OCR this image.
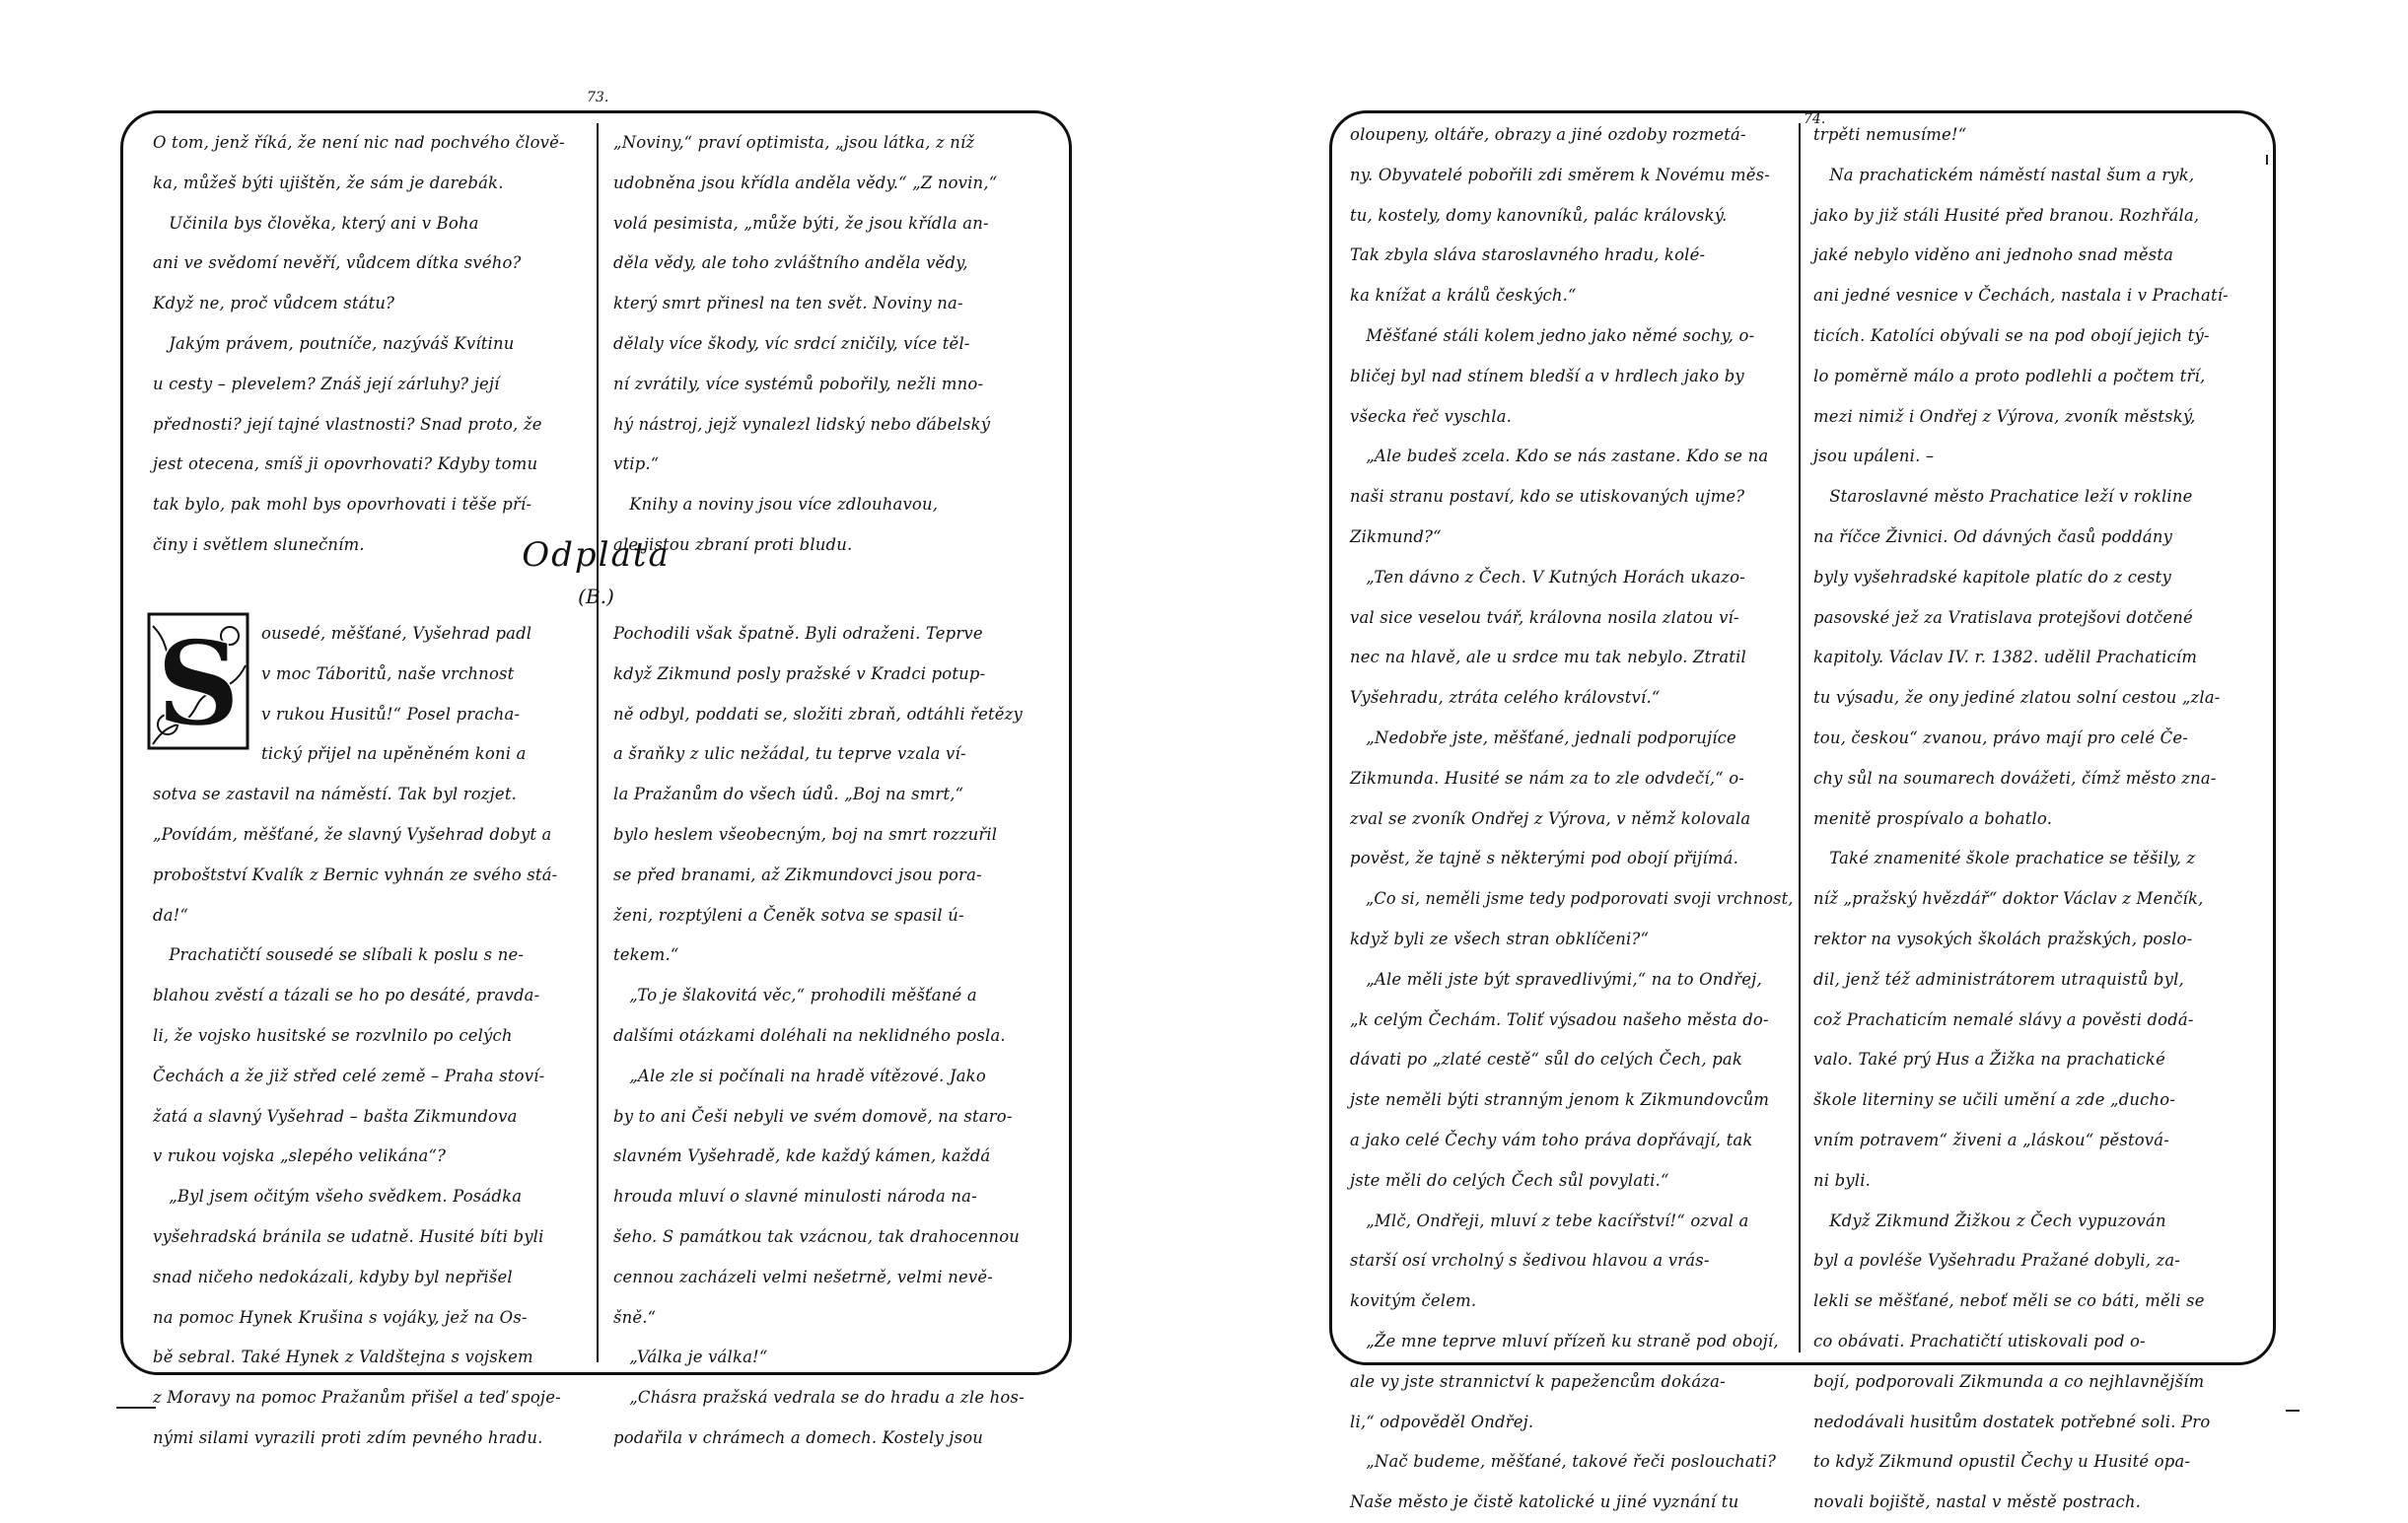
73.

O tom, jenž říká, že není nic nad pochvého člově-

ka, můžeš býti ujištěn, že sám je darebák.

Učinila bys člověka, který ani v Boha

ani ve svědomí nevěří, vůdcem dítka svého?

Když ne, proč vůdcem státu?

Jakým právem, poutníče, nazýváš Kvítinu

u cesty – plevelem? Znáš její zárluhy? její

přednosti? její tajné vlastnosti? Snad proto, že

jest otecena, smíš ji opovrhovati? Kdyby tomu

tak bylo, pak mohl bys opovrhovati i těše pří-

činy i světlem slunečním.

„Noviny,“ praví optimista, „jsou látka, z níž

udobněna jsou křídla anděla vědy.“ „Z novin,“

volá pesimista, „může býti, že jsou křídla an-

děla vědy, ale toho zvláštního anděla vědy,

který smrt přinesl na ten svět. Noviny na-

dělaly více škody, víc srdcí zničily, více těl-

ní zvrátily, více systémů pobořily, nežli mno-

hý nástroj, jejž vynalezl lidský nebo ďábelský

vtip.“

Knihy a noviny jsou více zdlouhavou,

ale jistou zbraní proti bludu.

Odplata
(B.)
S	ousedé, měšťané, Vyšehrad padl

v moc Táboritů, naše vrchnost

v rukou Husitů!“ Posel pracha-

tický přijel na upěněném koni a

sotva se zastavil na náměstí. Tak byl rozjet.

„Povídám, měšťané, že slavný Vyšehrad dobyt a

proboštství Kvalík z Bernic vyhnán ze svého stá-

da!“

Prachatičtí sousedé se slíbali k poslu s ne-

blahou zvěstí a tázali se ho po desáté, pravda-

li, že vojsko husitské se rozvlnilo po celých

Čechách a že již střed celé země – Praha stoví-

žatá a slavný Vyšehrad – bašta Zikmundova

v rukou vojska „slepého velikána“?

„Byl jsem očitým všeho svědkem. Posádka

vyšehradská bránila se udatně. Husité bíti byli

snad ničeho nedokázali, kdyby byl nepřišel

na pomoc Hynek Krušina s vojáky, jež na Os-

bě sebral. Také Hynek z Valdštejna s vojskem

z Moravy na pomoc Pražanům přišel a teď spoje-

nými silami vyrazili proti zdím pevného hradu.

Pochodili však špatně. Byli odraženi. Teprve

když Zikmund posly pražské v Kradci potup-

ně odbyl, poddati se, složiti zbraň, odtáhli řetězy

a šraňky z ulic nežádal, tu teprve vzala ví-

la Pražanům do všech údů. „Boj na smrt,“

bylo heslem všeobecným, boj na smrt rozzuřil

se před branami, až Zikmundovci jsou pora-

ženi, rozptýleni a Čeněk sotva se spasil ú-

tekem.“

„To je šlakovitá věc,“ prohodili měšťané a

dalšími otázkami doléhali na neklidného posla.

„Ale zle si počínali na hradě vítězové. Jako

by to ani Češi nebyli ve svém domově, na staro-

slavném Vyšehradě, kde každý kámen, každá

hrouda mluví o slavné minulosti národa na-

šeho. S památkou tak vzácnou, tak drahocennou

cennou zacházeli velmi nešetrně, velmi nevě-

šně.“

„Válka je válka!“

„Chásra pražská vedrala se do hradu a zle hos-

podařila v chrámech a domech. Kostely jsou

74.

oloupeny, oltáře, obrazy a jiné ozdoby rozmetá-

ny. Obyvatelé pobořili zdi směrem k Novému měs-

tu, kostely, domy kanovníků, palác královský.

Tak zbyla sláva staroslavného hradu, kolé-

ka knížat a králů českých.“

Měšťané stáli kolem jedno jako němé sochy, o-

bličej byl nad stínem bledší a v hrdlech jako by

všecka řeč vyschla.

„Ale budeš zcela. Kdo se nás zastane. Kdo se na

naši stranu postaví, kdo se utiskovaných ujme?

Zikmund?“

„Ten dávno z Čech. V Kutných Horách ukazo-

val sice veselou tvář, královna nosila zlatou ví-

nec na hlavě, ale u srdce mu tak nebylo. Ztratil

Vyšehradu, ztráta celého království.“

„Nedobře jste, měšťané, jednali podporujíce

Zikmunda. Husité se nám za to zle odvdečí,“ o-

zval se zvoník Ondřej z Výrova, v němž kolovala

pověst, že tajně s některými pod obojí přijímá.

„Co si, neměli jsme tedy podporovati svoji vrchnost,

když byli ze všech stran obklíčeni?“

„Ale měli jste být spravedlivými,“ na to Ondřej,

„k celým Čechám. Toliť výsadou našeho města do-

dávati po „zlaté cestě“ sůl do celých Čech, pak

jste neměli býti stranným jenom k Zikmundovcům

a jako celé Čechy vám toho práva dopřávají, tak

jste měli do celých Čech sůl povylati.“

„Mlč, Ondřeji, mluví z tebe kacířství!“ ozval a

starší osí vrcholný s šedivou hlavou a vrás-

kovitým čelem.

„Že mne teprve mluví přízeň ku straně pod obojí,

ale vy jste strannictví k papežencům dokáza-

li,“ odpověděl Ondřej.

„Nač budeme, měšťané, takové řeči poslouchati?

Naše město je čistě katolické u jiné vyznání tu

trpěti nemusíme!“

Na prachatickém náměstí nastal šum a ryk,

jako by již stáli Husité před branou. Rozhřála,

jaké nebylo viděno ani jednoho snad města

ani jedné vesnice v Čechách, nastala i v Prachatí-

ticích. Katolíci obývali se na pod obojí jejich tý-

lo poměrně málo a proto podlehli a počtem tří,

mezi nimiž i Ondřej z Výrova, zvoník městský,

jsou upáleni. –

Staroslavné město Prachatice leží v rokline

na říčce Živnici. Od dávných časů poddány

byly vyšehradské kapitole platíc do z cesty

pasovské jež za Vratislava protejšovi dotčené

kapitoly. Václav IV. r. 1382. udělil Prachaticím

tu výsadu, že ony jediné zlatou solní cestou „zla-

tou, českou“ zvanou, právo mají pro celé Če-

chy sůl na soumarech dovážeti, čímž město zna-

menitě prospívalo a bohatlo.

Také znamenité škole prachatice se těšily, z

níž „pražský hvězdář“ doktor Václav z Menčík,

rektor na vysokých školách pražských, poslo-

dil, jenž též administrátorem utraquistů byl,

což Prachaticím nemalé slávy a pověsti dodá-

valo. Také prý Hus a Žižka na prachatické

škole literniny se učili umění a zde „ducho-

vním potravem“ živeni a „láskou“ pěstová-

ni byli.

Když Zikmund Žižkou z Čech vypuzován

byl a povléše Vyšehradu Pražané dobyli, za-

lekli se měšťané, neboť měli se co báti, měli se

co obávati. Prachatičtí utiskovali pod o-

bojí, podporovali Zikmunda a co nejhlavnějším

nedodávali husitům dostatek potřebné soli. Pro

to když Zikmund opustil Čechy u Husité opa-

novali bojiště, nastal v městě postrach.
